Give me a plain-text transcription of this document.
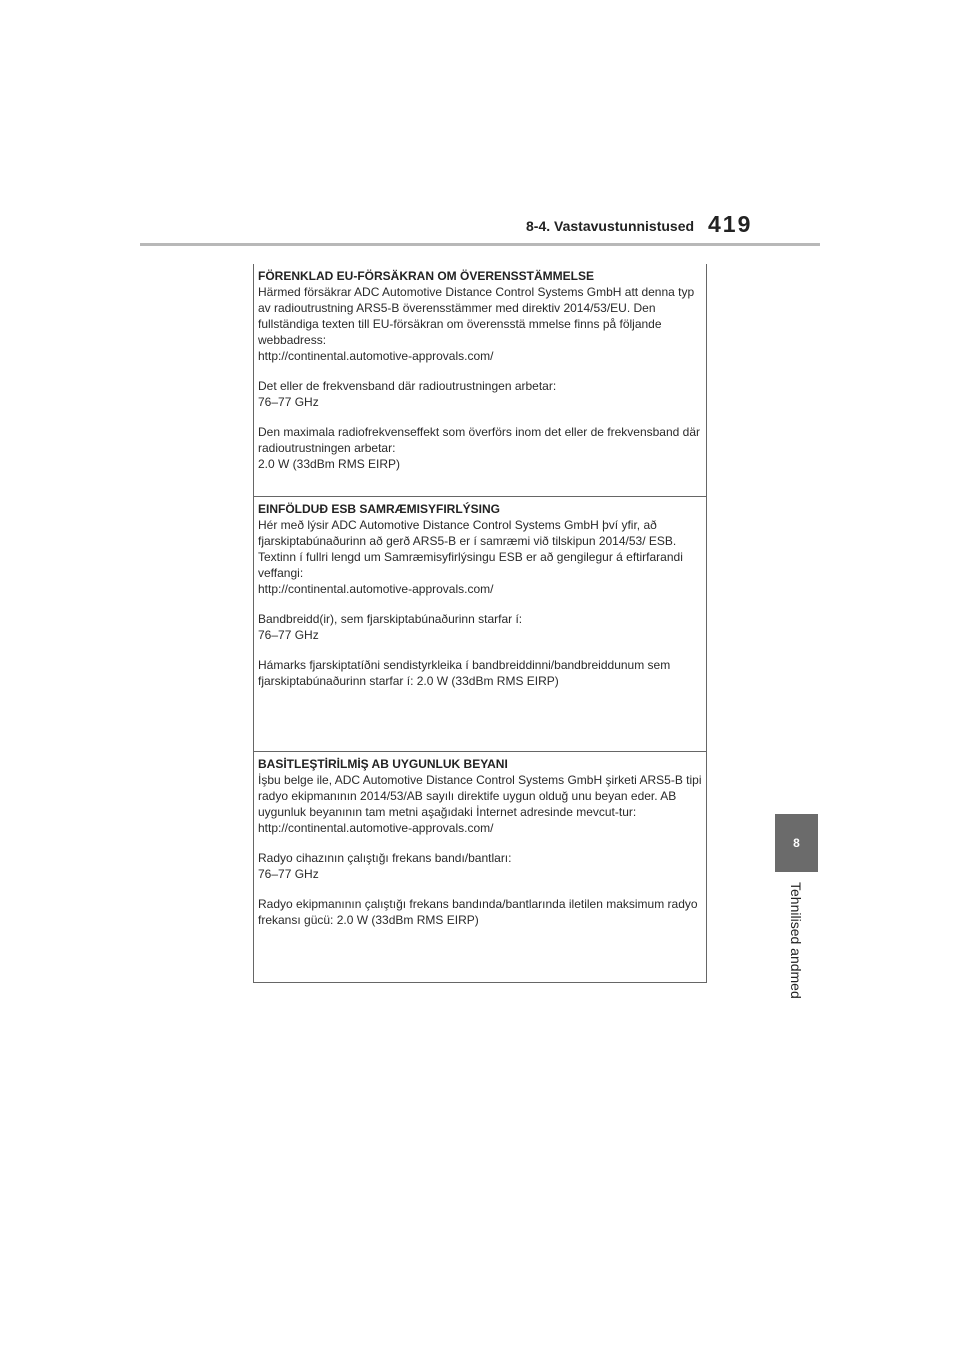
8-4. Vastavustunnistused 419
8
Tehnilised andmed
FÖRENKLAD EU-FÖRSÄKRAN OM ÖVERENSSTÄMMELSE

Härmed försäkrar ADC Automotive Distance Control Systems GmbH att denna typ av radioutrustning ARS5-B överensstämmer med direktiv 2014/53/EU. Den fullständiga texten till EU-försäkran om överensstä mmelse finns på följande webbadress:
http://continental.automotive-approvals.com/

Det eller de frekvensband där radioutrustningen arbetar:
76–77 GHz

Den maximala radiofrekvenseffekt som överförs inom det eller de frekvensband där radioutrustningen arbetar:
2.0 W (33dBm RMS EIRP)

EINFÖLDUÐ ESB SAMRÆMISYFIRLÝSING

Hér með lýsir ADC Automotive Distance Control Systems GmbH því yfir, að fjarskiptabúnaðurinn að gerð ARS5-B er í samræmi við tilskipun 2014/53/ ESB. Textinn í fullri lengd um Samræmisyfirlýsingu ESB er að gengilegur á eftirfarandi veffangi:
http://continental.automotive-approvals.com/

Bandbreidd(ir), sem fjarskiptabúnaðurinn starfar í:
76–77 GHz

Hámarks fjarskiptatíðni sendistyrkleika í bandbreiddinni/bandbreiddunum sem fjarskiptabúnaðurinn starfar í: 2.0 W (33dBm RMS EIRP)

BASİTLEŞTİRİLMİŞ AB UYGUNLUK BEYANI

İşbu belge ile, ADC Automotive Distance Control Systems GmbH şirketi ARS5-B tipi radyo ekipmanının 2014/53/AB sayılı direktife uygun olduğ unu beyan eder. AB uygunluk beyanının tam metni aşağıdaki İnternet adresinde mevcut-tur:
http://continental.automotive-approvals.com/

Radyo cihazının çalıştığı frekans bandı/bantları:
76–77 GHz

Radyo ekipmanının çalıştığı frekans bandında/bantlarında iletilen maksimum radyo frekansı gücü: 2.0 W (33dBm RMS EIRP)
